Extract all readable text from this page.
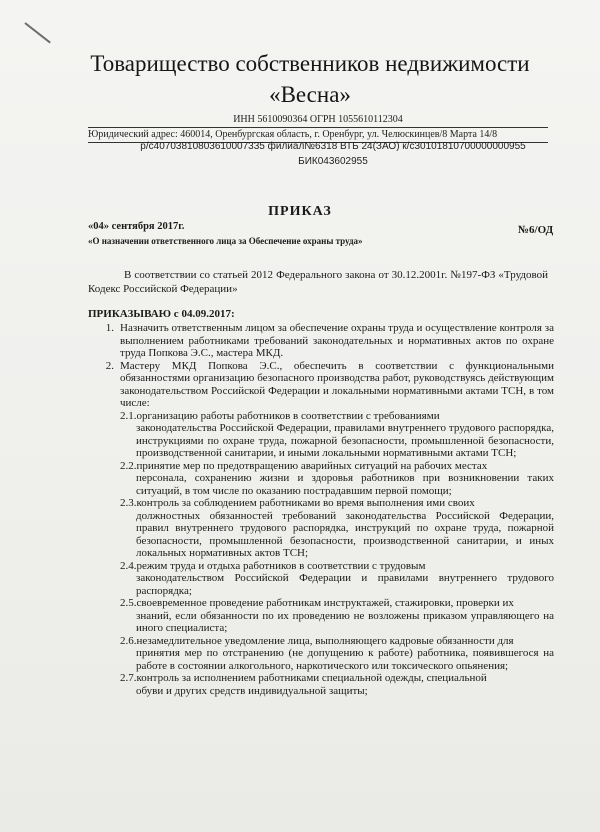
Товарищество собственников недвижимости
«Весна»
ИНН 5610090364 ОГРН 1055610112304
Юридический адрес: 460014, Оренбургская область, г. Оренбург, ул. Челюскинцев/8 Марта 14/8
р/с40703810803610007335 филиал№6318 ВТБ 24(ЗАО) к/с30101810700000000955
БИК043602955
ПРИКАЗ
«04» сентября 2017г.
«О назначении ответственного лица за Обеспечение охраны труда»
№6/ОД
В соответствии со статьей 2012 Федерального закона от 30.12.2001г. №197-ФЗ «Трудовой Кодекс Российской Федерации»
ПРИКАЗЫВАЮ с 04.09.2017:
1. Назначить ответственным лицом за обеспечение охраны труда и осуществление контроля за выполнением работниками требований законодательных и нормативных актов по охране труда Попкова Э.С., мастера МКД.
2. Мастеру МКД Попкова Э.С., обеспечить в соответствии с функциональными обязанностями организацию безопасного производства работ, руководствуясь действующим законодательством Российской Федерации и локальными нормативными актами ТСН, в том числе:
2.1.организацию работы работников в соответствии с требованиями
законодательства Российской Федерации, правилами внутреннего трудового распорядка, инструкциями по охране труда, пожарной безопасности, промышленной безопасности, производственной санитарии, и иными локальными нормативными актами ТСН;
2.2.принятие мер по предотвращению аварийных ситуаций на рабочих местах
персонала, сохранению жизни и здоровья работников при возникновении таких ситуаций, в том числе по оказанию пострадавшим первой помощи;
2.3.контроль за соблюдением работниками во время выполнения ими своих
должностных обязанностей требований законодательства Российской Федерации, правил внутреннего трудового распорядка, инструкций по охране труда, пожарной безопасности, промышленной безопасности, производственной санитарии, и иных локальных нормативных актов ТСН;
2.4.режим труда и отдыха работников в соответствии с трудовым
законодательством Российской Федерации и правилами внутреннего трудового распорядка;
2.5.своевременное проведение работникам инструктажей, стажировки, проверки их
знаний, если обязанности по их проведению не возложены приказом управляющего на иного специалиста;
2.6.незамедлительное уведомление лица, выполняющего кадровые обязанности для
принятия мер по отстранению (не допущению к работе) работника, появившегося на работе в состоянии алкогольного, наркотического или токсического опьянения;
2.7.контроль за исполнением работниками специальной одежды, специальной
обуви и других средств индивидуальной защиты;
